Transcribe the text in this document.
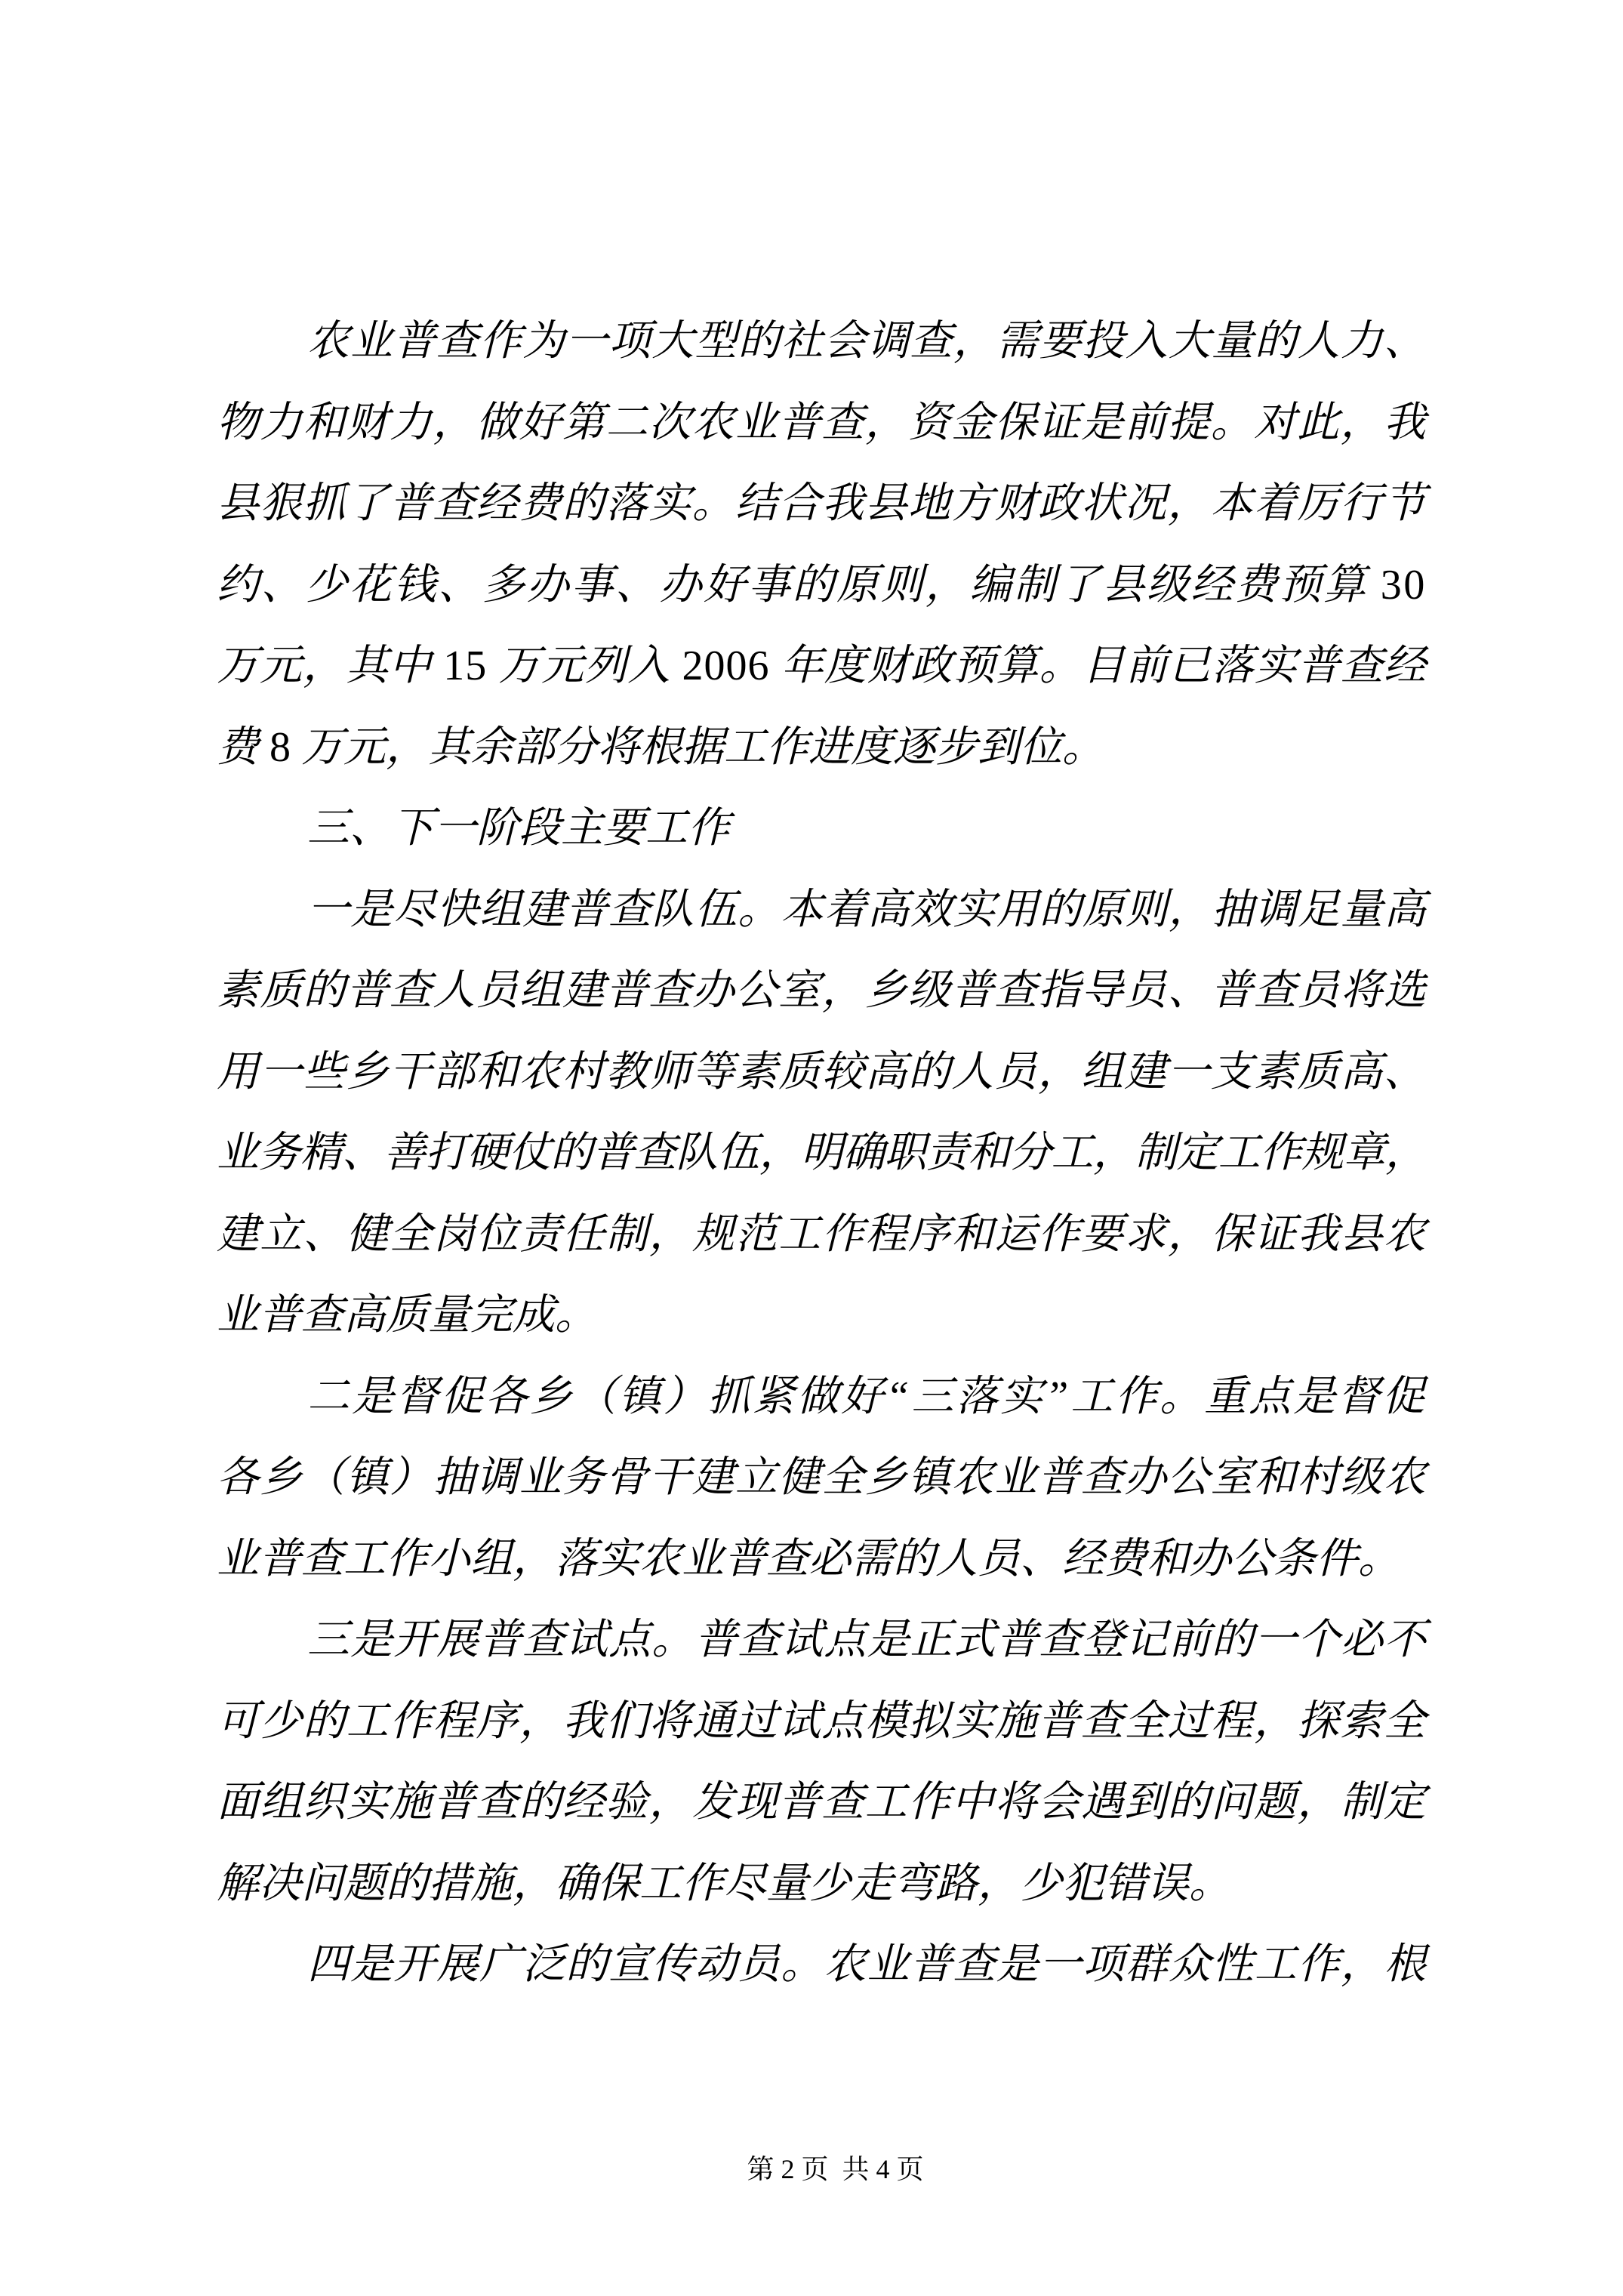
农业普查作为一项大型的社会调查，需要投入大量的人力、
物力和财力，做好第二次农业普查，资金保证是前提。对此，我
县狠抓了普查经费的落实。结合我县地方财政状况，本着厉行节
约、少花钱、多办事、办好事的原则，编制了县级经费预算 30
万元，其中 15 万元列入 2006 年度财政预算。目前已落实普查经
费 8 万元，其余部分将根据工作进度逐步到位。
三、下一阶段主要工作
一是尽快组建普查队伍。本着高效实用的原则，抽调足量高
素质的普查人员组建普查办公室，乡级普查指导员、普查员将选
用一些乡干部和农村教师等素质较高的人员，组建一支素质高、
业务精、善打硬仗的普查队伍，明确职责和分工，制定工作规章，
建立、健全岗位责任制，规范工作程序和运作要求，保证我县农
业普查高质量完成。
二是督促各乡（镇）抓紧做好“三落实”工作。重点是督促
各乡（镇）抽调业务骨干建立健全乡镇农业普查办公室和村级农
业普查工作小组，落实农业普查必需的人员、经费和办公条件。
三是开展普查试点。普查试点是正式普查登记前的一个必不
可少的工作程序，我们将通过试点模拟实施普查全过程，探索全
面组织实施普查的经验，发现普查工作中将会遇到的问题，制定
解决问题的措施，确保工作尽量少走弯路，少犯错误。
四是开展广泛的宣传动员。农业普查是一项群众性工作，根

第 2 页  共 4 页
